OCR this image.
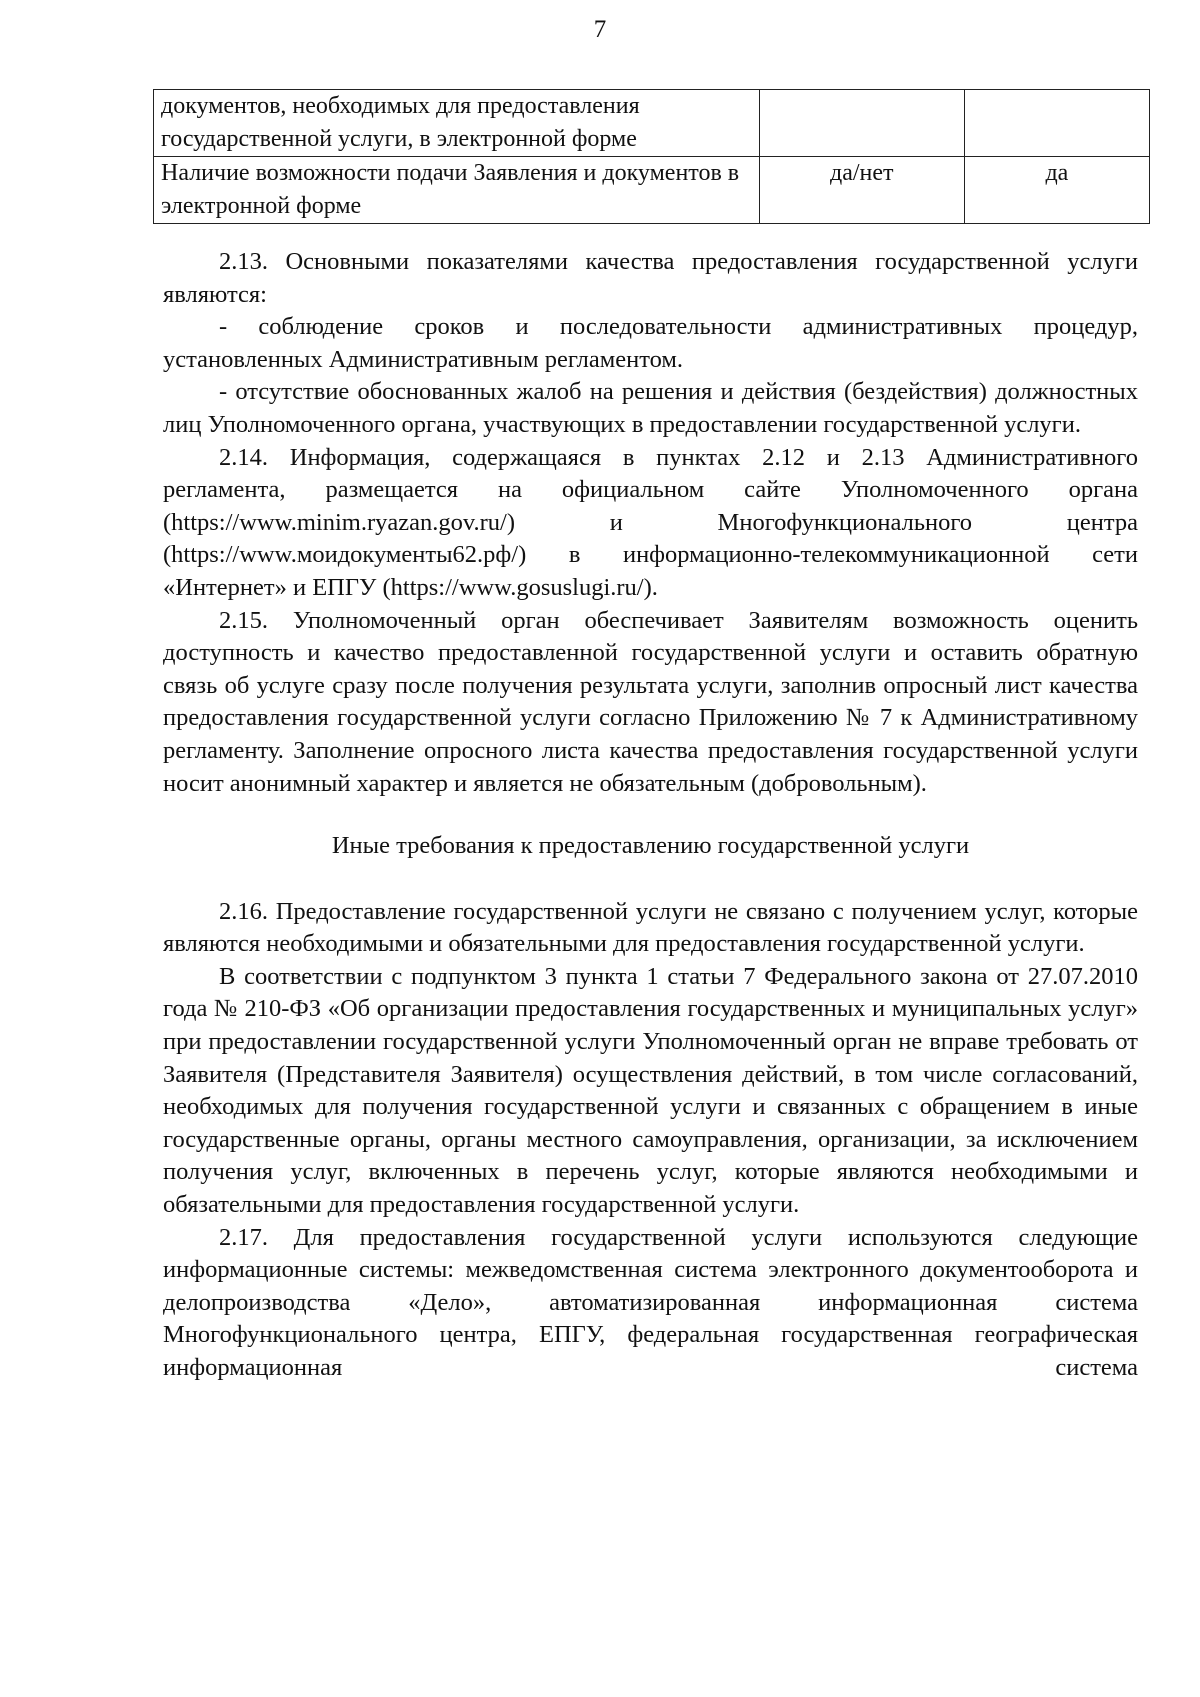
7
документов, необходимых для предоставления государственной услуги, в электронной форме		
Наличие возможности подачи Заявления и документов в электронной форме	да/нет	да

2.13. Основными показателями качества предоставления государственной услуги являются:

- соблюдение сроков и последовательности административных процедур, установленных Административным регламентом.

- отсутствие обоснованных жалоб на решения и действия (бездействия) должностных лиц Уполномоченного органа, участвующих в предоставлении государственной услуги.

2.14. Информация, содержащаяся в пунктах 2.12 и 2.13 Административного регламента, размещается на официальном сайте Уполномоченного органа (https://www.minim.ryazan.gov.ru/) и Многофункционального центра (https://www.моидокументы62.рф/) в информационно-телекоммуникационной сети «Интернет» и ЕПГУ (https://www.gosuslugi.ru/).

2.15. Уполномоченный орган обеспечивает Заявителям возможность оценить доступность и качество предоставленной государственной услуги и оставить обратную связь об услуге сразу после получения результата услуги, заполнив опросный лист качества предоставления государственной услуги согласно Приложению № 7 к Административному регламенту. Заполнение опросного листа качества предоставления государственной услуги носит анонимный характер и является не обязательным (добровольным).

Иные требования к предоставлению государственной услуги

2.16. Предоставление государственной услуги не связано с получением услуг, которые являются необходимыми и обязательными для предоставления государственной услуги.

В соответствии с подпунктом 3 пункта 1 статьи 7 Федерального закона от 27.07.2010 года № 210-ФЗ «Об организации предоставления государственных и муниципальных услуг» при предоставлении государственной услуги Уполномоченный орган не вправе требовать от Заявителя (Представителя Заявителя) осуществления действий, в том числе согласований, необходимых для получения государственной услуги и связанных с обращением в иные государственные органы, органы местного самоуправления, организации, за исключением получения услуг, включенных в перечень услуг, которые являются необходимыми и обязательными для предоставления государственной услуги.

2.17. Для предоставления государственной услуги используются следующие информационные системы: межведомственная система электронного документооборота и делопроизводства «Дело», автоматизированная информационная система Многофункционального центра, ЕПГУ, федеральная государственная географическая информационная система
